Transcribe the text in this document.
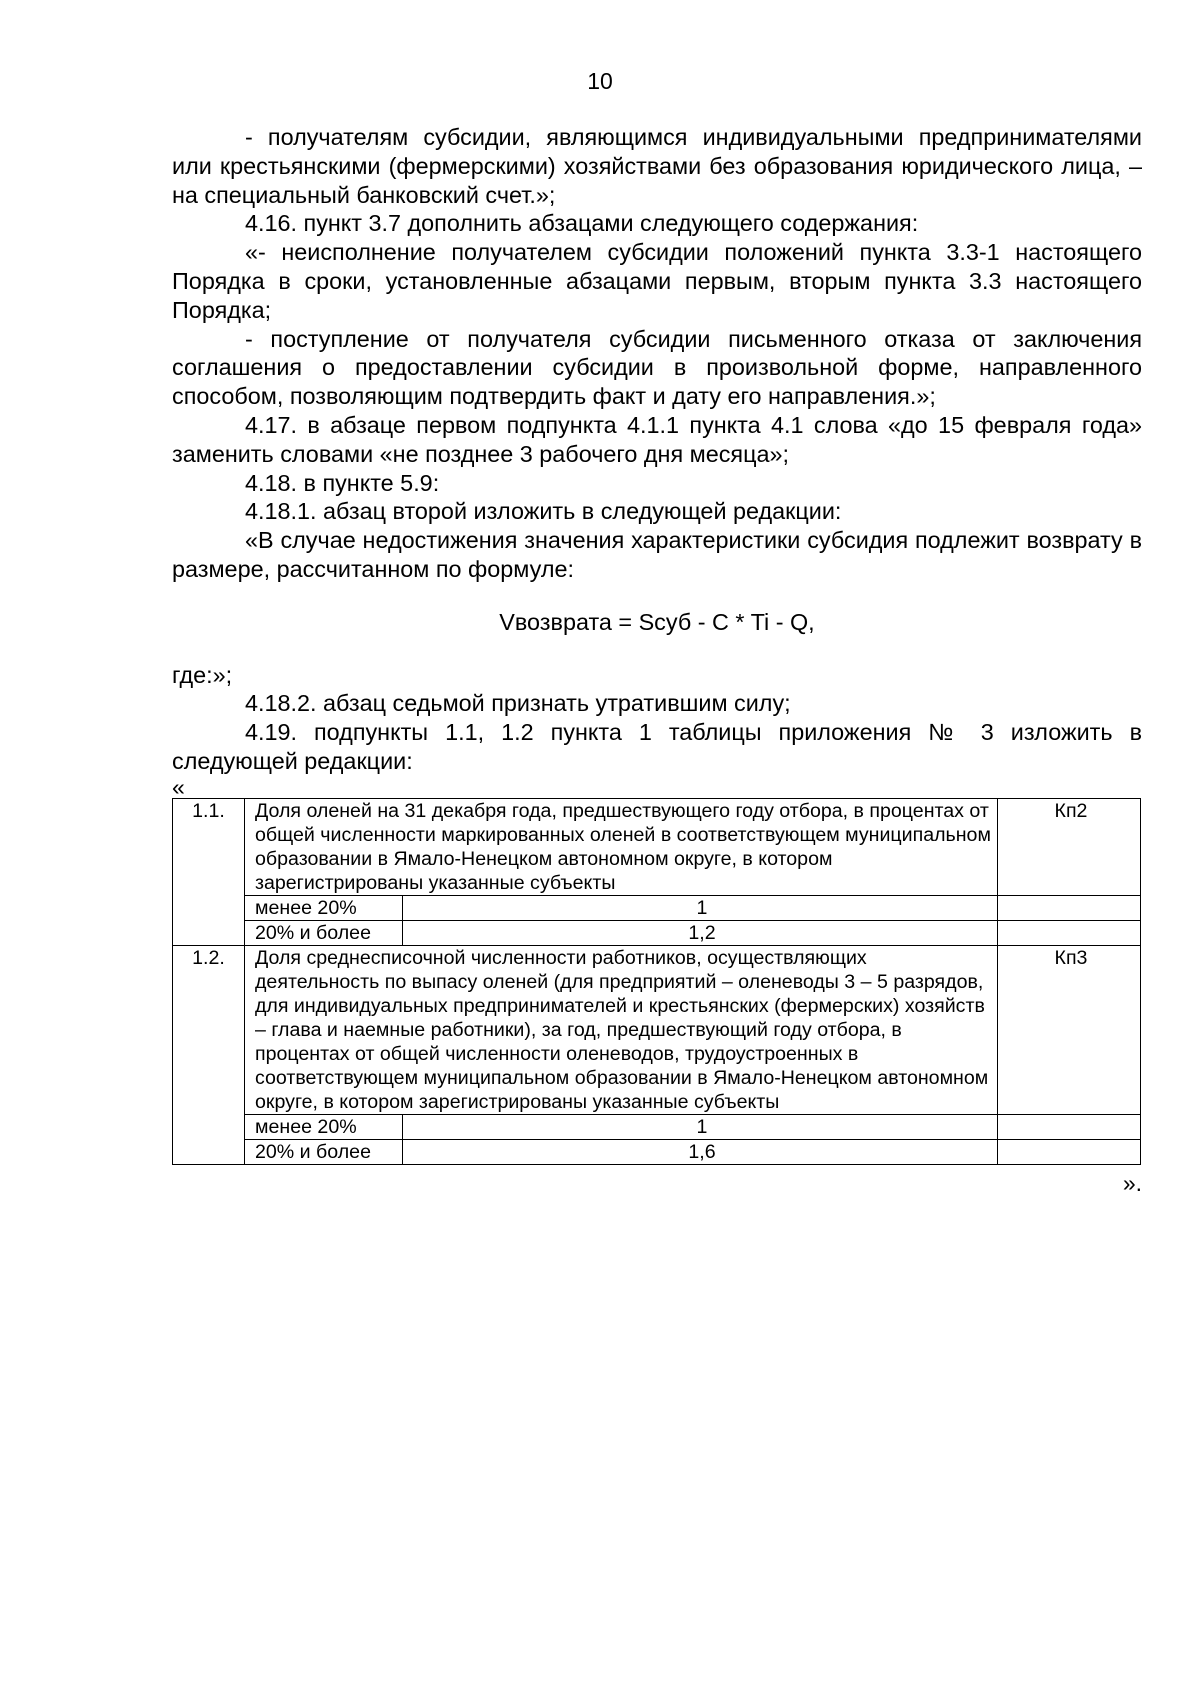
10

- получателям субсидии, являющимся индивидуальными предпринимателями или крестьянскими (фермерскими) хозяйствами без образования юридического лица, – на специальный банковский счет.»;

4.16. пункт 3.7 дополнить абзацами следующего содержания:

«- неисполнение получателем субсидии положений пункта 3.3-1 настоящего Порядка в сроки, установленные абзацами первым, вторым пункта 3.3 настоящего Порядка;

- поступление от получателя субсидии письменного отказа от заключения соглашения о предоставлении субсидии в произвольной форме, направленного способом, позволяющим подтвердить факт и дату его направления.»;

4.17. в абзаце первом подпункта 4.1.1 пункта 4.1 слова «до 15 февраля года» заменить словами «не позднее 3 рабочего дня месяца»;

4.18. в пункте 5.9:

4.18.1. абзац второй изложить в следующей редакции:

«В случае недостижения значения характеристики субсидия подлежит возврату в размере, рассчитанном по формуле:

Vвозврата = Sсуб - C * Ti - Q,

где:»;

4.18.2. абзац седьмой признать утратившим силу;

4.19. подпункты 1.1, 1.2 пункта 1 таблицы приложения № 3 изложить в следующей редакции:

«
1.1.	Доля оленей на 31 декабря года, предшествующего году отбора, в процентах от общей численности маркированных оленей в соответствующем муниципальном образовании в Ямало-Ненецком автономном округе, в котором зарегистрированы указанные субъекты		Кп2
	менее 20%	1	
	20% и более	1,2	
1.2.	Доля среднесписочной численности работников, осуществляющих деятельность по выпасу оленей (для предприятий – оленеводы 3 – 5 разрядов, для индивидуальных предпринимателей и крестьянских (фермерских) хозяйств – глава и наемные работники), за год, предшествующий году отбора, в процентах от общей численности оленеводов, трудоустроенных в соответствующем муниципальном образовании в Ямало-Ненецком автономном округе, в котором зарегистрированы указанные субъекты		Кп3
	менее 20%	1	
	20% и более	1,6	
».
